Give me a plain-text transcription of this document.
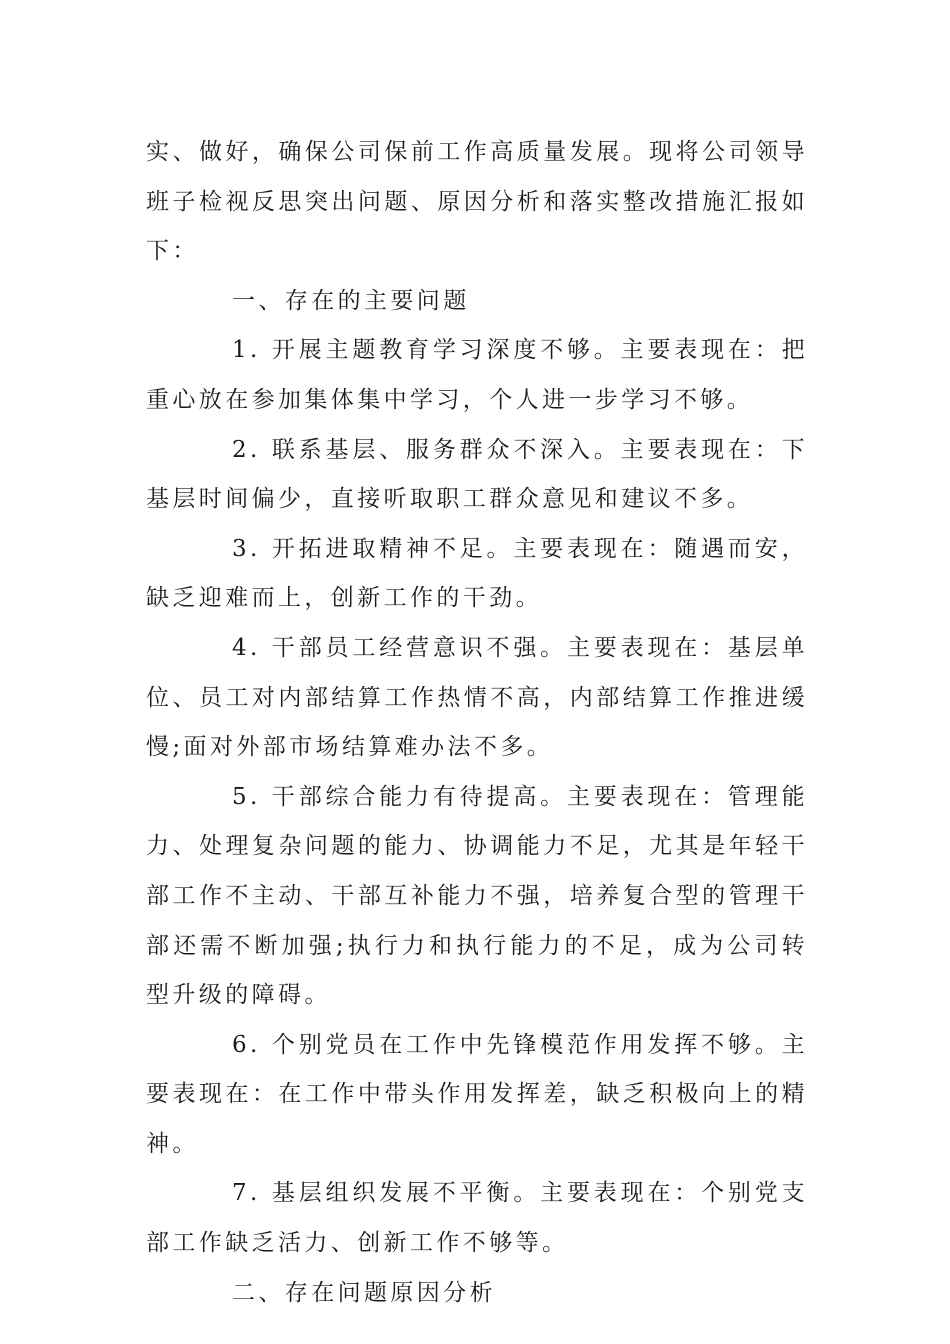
实、做好，确保公司保前工作高质量发展。现将公司领导班子检视反思突出问题、原因分析和落实整改措施汇报如下：

一、存在的主要问题

1. 开展主题教育学习深度不够。主要表现在：把重心放在参加集体集中学习，个人进一步学习不够。

2. 联系基层、服务群众不深入。主要表现在：下基层时间偏少，直接听取职工群众意见和建议不多。

3. 开拓进取精神不足。主要表现在：随遇而安，缺乏迎难而上，创新工作的干劲。

4. 干部员工经营意识不强。主要表现在：基层单位、员工对内部结算工作热情不高，内部结算工作推进缓慢;面对外部市场结算难办法不多。

5. 干部综合能力有待提高。主要表现在：管理能力、处理复杂问题的能力、协调能力不足，尤其是年轻干部工作不主动、干部互补能力不强，培养复合型的管理干部还需不断加强;执行力和执行能力的不足，成为公司转型升级的障碍。

6. 个别党员在工作中先锋模范作用发挥不够。主要表现在：在工作中带头作用发挥差，缺乏积极向上的精神。

7. 基层组织发展不平衡。主要表现在：个别党支部工作缺乏活力、创新工作不够等。

二、存在问题原因分析
